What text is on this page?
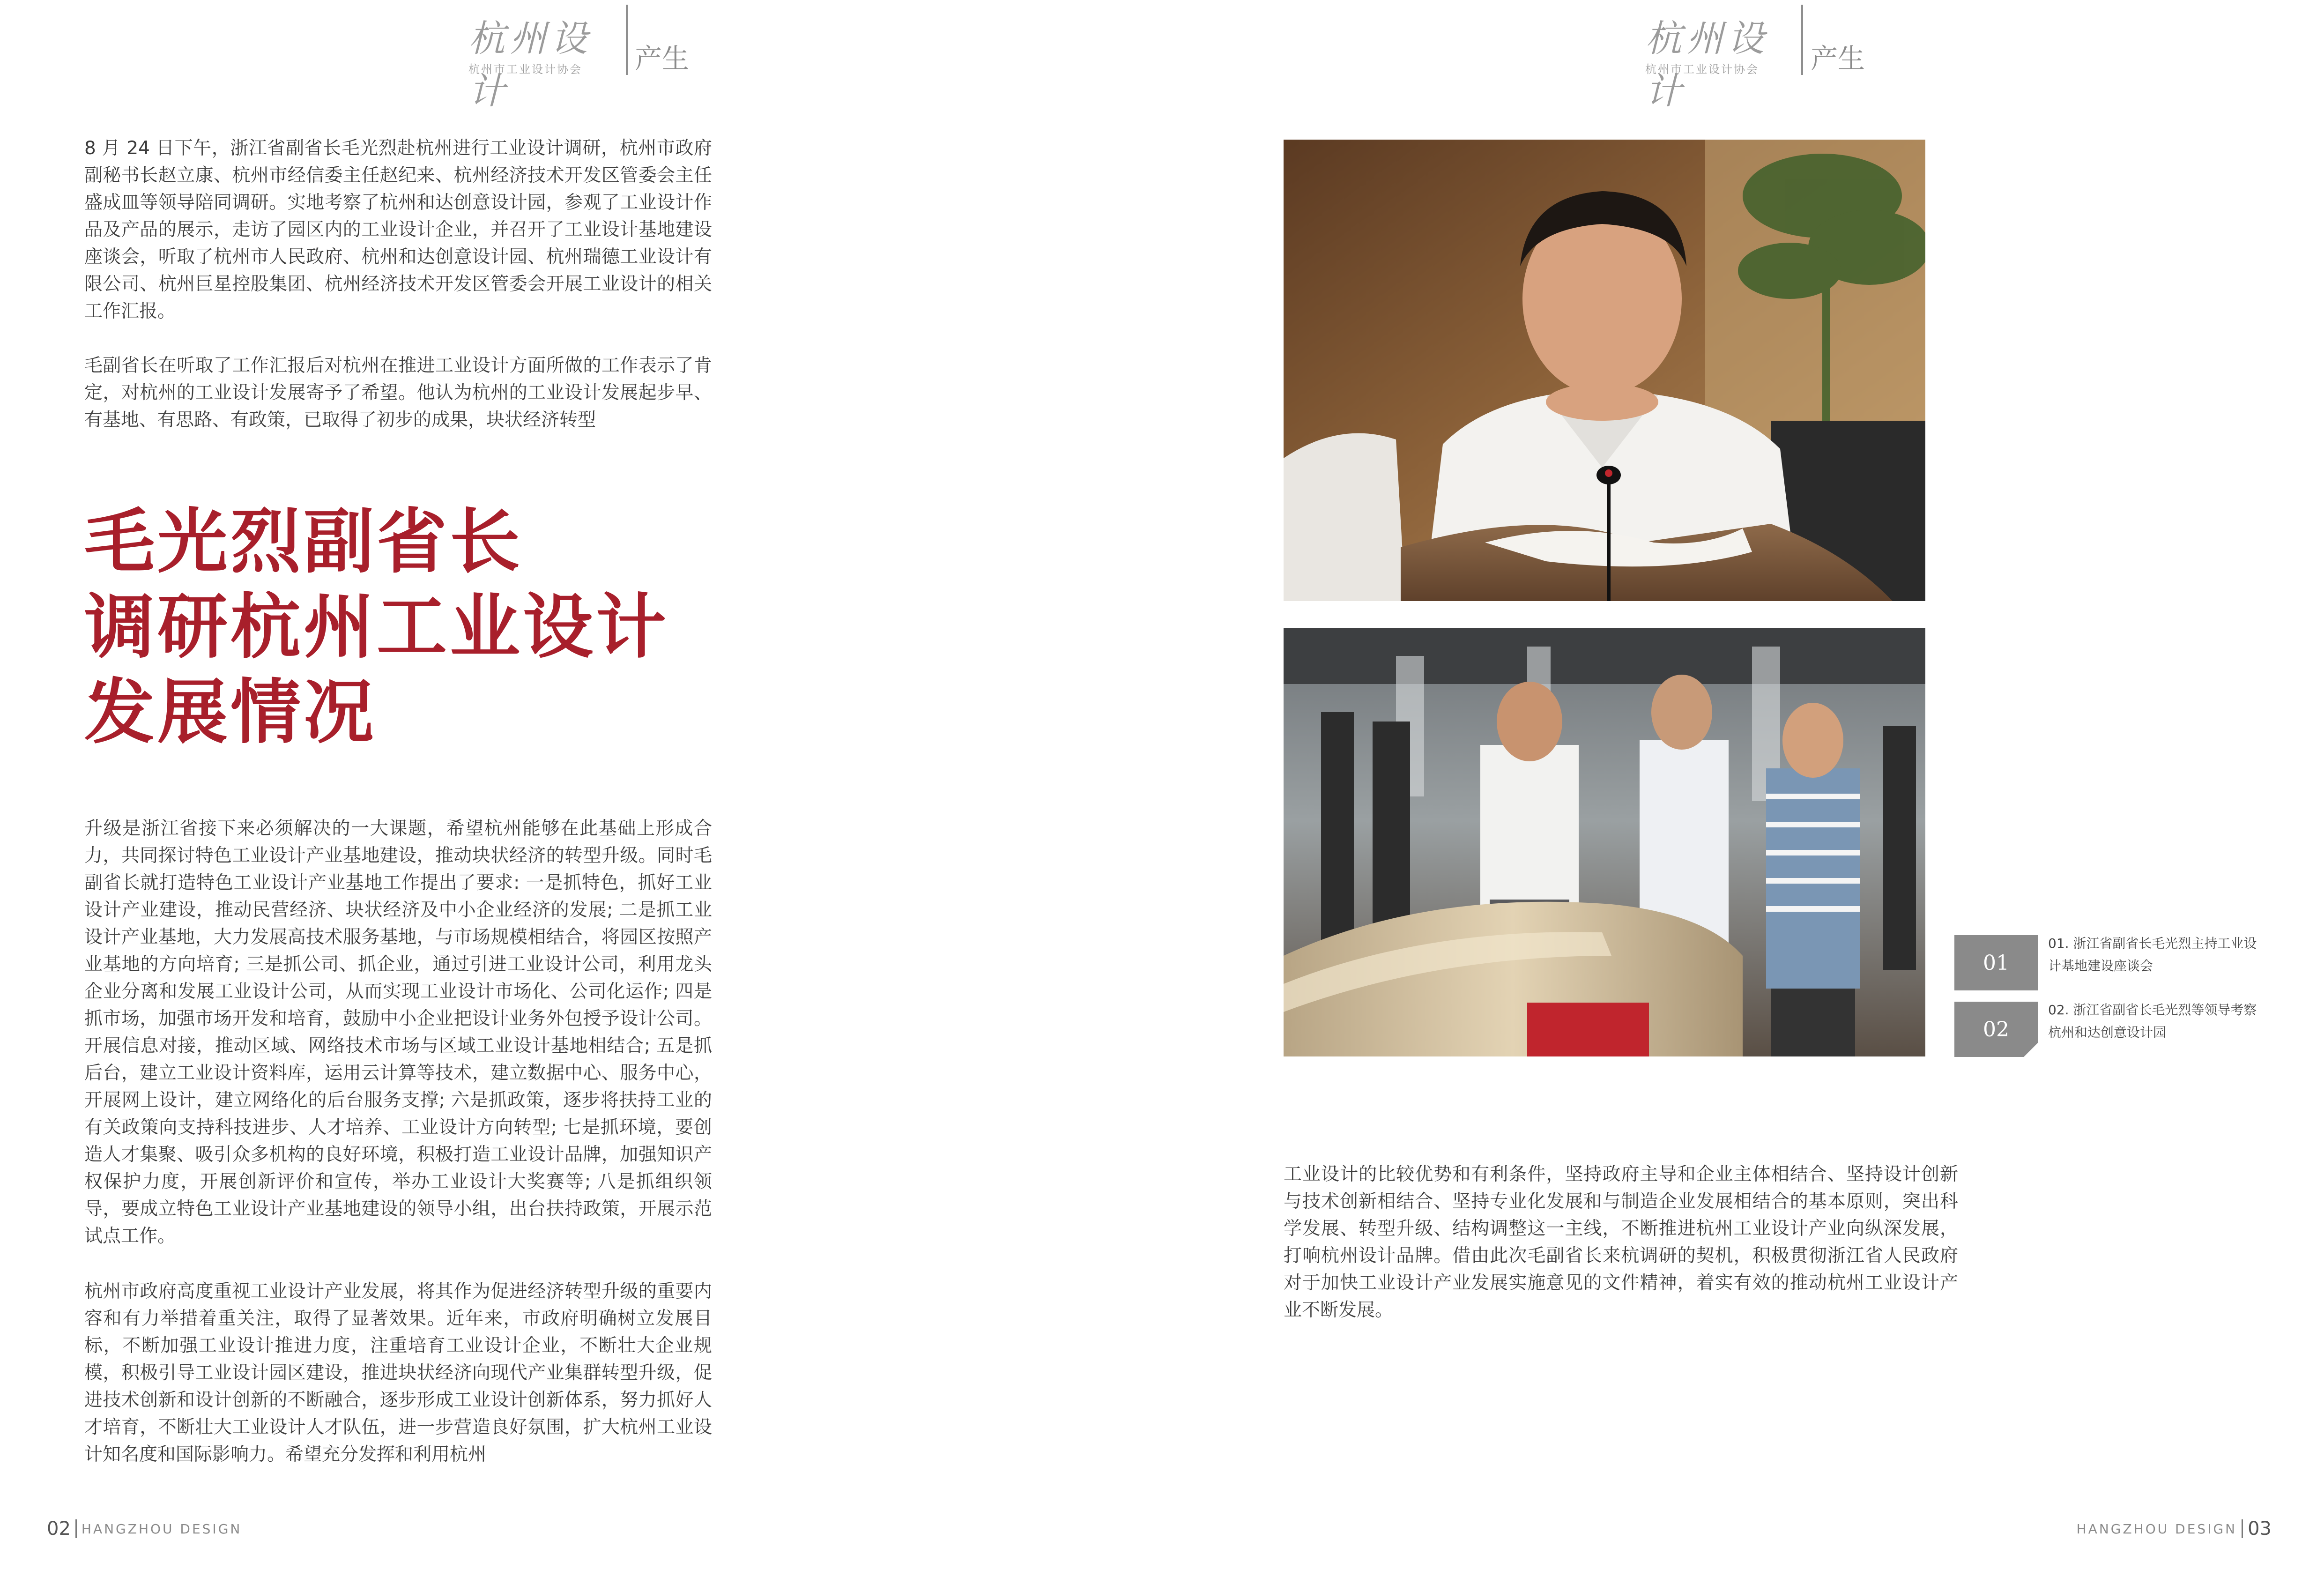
杭州设计
杭州市工业设计协会 产生	杭州设计
杭州市工业设计协会 产生

8 月 24 日下午，浙江省副省长毛光烈赴杭州进行工业设计调研，杭州市政府副秘书长赵立康、杭州市经信委主任赵纪来、杭州经济技术开发区管委会主任盛成皿等领导陪同调研。实地考察了杭州和达创意设计园，参观了工业设计作品及产品的展示，走访了园区内的工业设计企业，并召开了工业设计基地建设座谈会，听取了杭州市人民政府、杭州和达创意设计园、杭州瑞德工业设计有限公司、杭州巨星控股集团、杭州经济技术开发区管委会开展工业设计的相关工作汇报。

毛副省长在听取了工作汇报后对杭州在推进工业设计方面所做的工作表示了肯定，对杭州的工业设计发展寄予了希望。他认为杭州的工业设计发展起步早、有基地、有思路、有政策，已取得了初步的成果，块状经济转型

毛光烈副省长
调研杭州工业设计
发展情况

升级是浙江省接下来必须解决的一大课题，希望杭州能够在此基础上形成合力，共同探讨特色工业设计产业基地建设，推动块状经济的转型升级。同时毛副省长就打造特色工业设计产业基地工作提出了要求: 一是抓特色，抓好工业设计产业建设，推动民营经济、块状经济及中小企业经济的发展; 二是抓工业设计产业基地，大力发展高技术服务基地，与市场规模相结合，将园区按照产业基地的方向培育; 三是抓公司、抓企业，通过引进工业设计公司，利用龙头企业分离和发展工业设计公司，从而实现工业设计市场化、公司化运作; 四是抓市场，加强市场开发和培育，鼓励中小企业把设计业务外包授予设计公司。开展信息对接，推动区域、网络技术市场与区域工业设计基地相结合; 五是抓后台，建立工业设计资料库，运用云计算等技术，建立数据中心、服务中心，开展网上设计，建立网络化的后台服务支撑; 六是抓政策，逐步将扶持工业的有关政策向支持科技进步、人才培养、工业设计方向转型; 七是抓环境，要创造人才集聚、吸引众多机构的良好环境，积极打造工业设计品牌，加强知识产权保护力度，开展创新评价和宣传，举办工业设计大奖赛等; 八是抓组织领导，要成立特色工业设计产业基地建设的领导小组，出台扶持政策，开展示范试点工作。

杭州市政府高度重视工业设计产业发展，将其作为促进经济转型升级的重要内容和有力举措着重关注，取得了显著效果。近年来，市政府明确树立发展目标，不断加强工业设计推进力度，注重培育工业设计企业，不断壮大企业规模，积极引导工业设计园区建设，推进块状经济向现代产业集群转型升级，促进技术创新和设计创新的不断融合，逐步形成工业设计创新体系，努力抓好人才培育，不断壮大工业设计人才队伍，进一步营造良好氛围，扩大杭州工业设计知名度和国际影响力。希望充分发挥和利用杭州

01
01. 浙江省副省长毛光烈主持工业设计基地建设座谈会
02
02. 浙江省副省长毛光烈等领导考察杭州和达创意设计园

工业设计的比较优势和有利条件，坚持政府主导和企业主体相结合、坚持设计创新与技术创新相结合、坚持专业化发展和与制造企业发展相结合的基本原则，突出科学发展、转型升级、结构调整这一主线，不断推进杭州工业设计产业向纵深发展，打响杭州设计品牌。借由此次毛副省长来杭调研的契机，积极贯彻浙江省人民政府对于加快工业设计产业发展实施意见的文件精神，着实有效的推动杭州工业设计产业不断发展。

02 HANGZHOU DESIGN	HANGZHOU DESIGN 03
